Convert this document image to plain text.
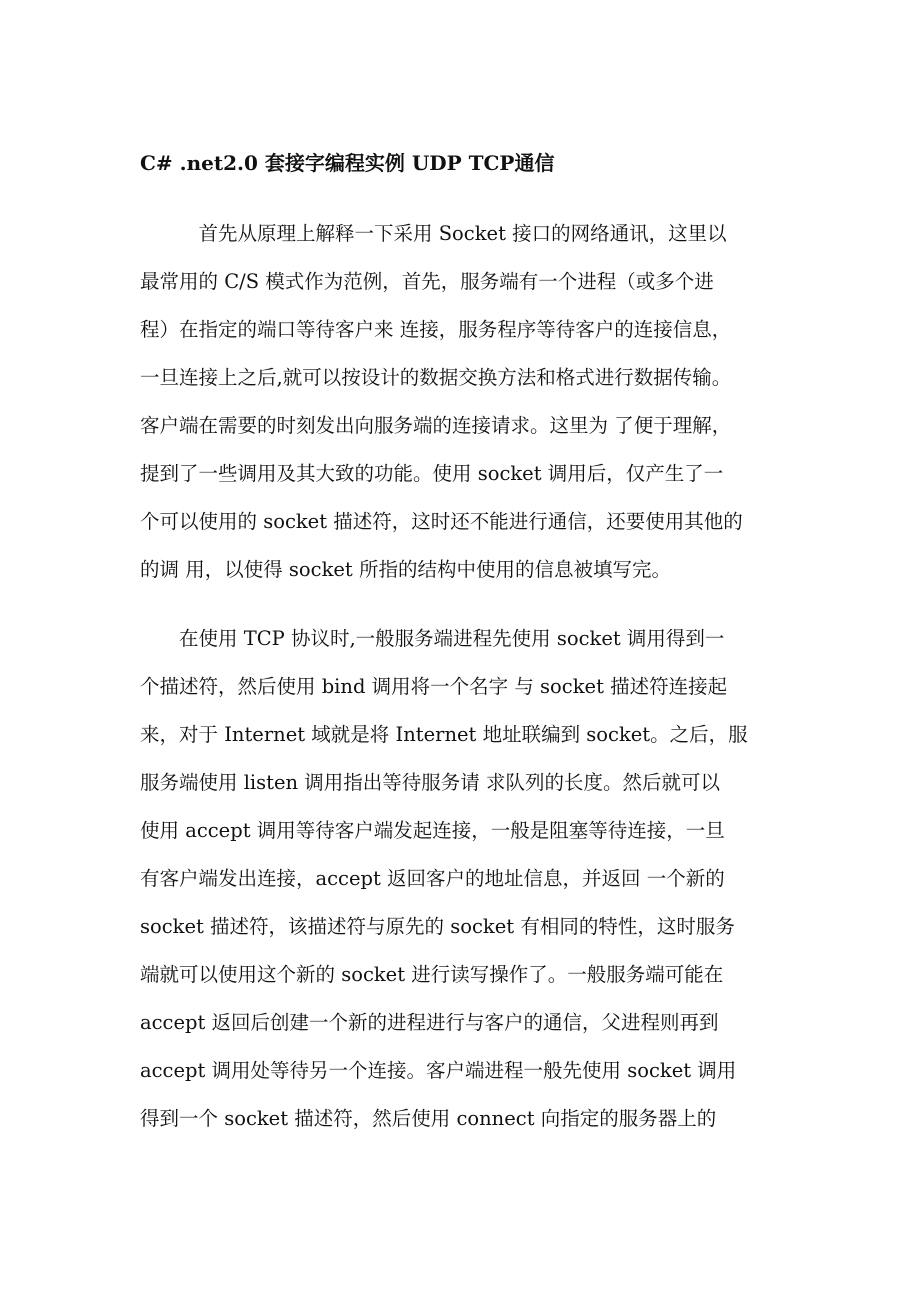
C# .net2.0 套接字编程实例 UDP TCP通信
　　　首先从原理上解释一下采用 Socket 接口的网络通讯，这里以
最常用的 C/S 模式作为范例，首先，服务端有一个进程（或多个进
程）在指定的端口等待客户来 连接，服务程序等待客户的连接信息，
一旦连接上之后,就可以按设计的数据交换方法和格式进行数据传输。
客户端在需要的时刻发出向服务端的连接请求。这里为 了便于理解，
提到了一些调用及其大致的功能。使用 socket 调用后，仅产生了一
个可以使用的 socket 描述符，这时还不能进行通信，还要使用其他的
的调 用，以使得 socket 所指的结构中使用的信息被填写完。
　　在使用 TCP 协议时,一般服务端进程先使用 socket 调用得到一
个描述符，然后使用 bind 调用将一个名字 与 socket 描述符连接起
来，对于 Internet 域就是将 Internet 地址联编到 socket。之后，服
服务端使用 listen 调用指出等待服务请 求队列的长度。然后就可以
使用 accept 调用等待客户端发起连接，一般是阻塞等待连接，一旦
有客户端发出连接，accept 返回客户的地址信息，并返回 一个新的
socket 描述符，该描述符与原先的 socket 有相同的特性，这时服务
端就可以使用这个新的 socket 进行读写操作了。一般服务端可能在
accept 返回后创建一个新的进程进行与客户的通信，父进程则再到
accept 调用处等待另一个连接。客户端进程一般先使用 socket 调用
得到一个 socket 描述符，然后使用 connect 向指定的服务器上的
